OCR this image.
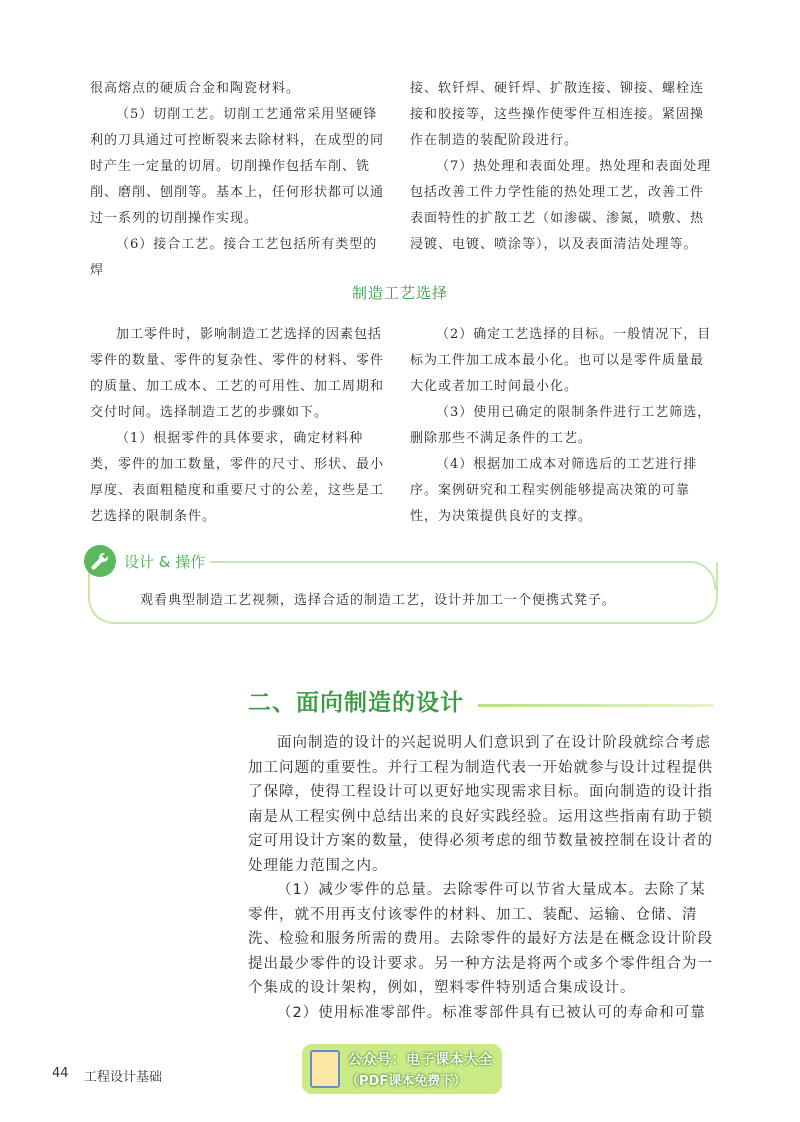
很高熔点的硬质合金和陶瓷材料。

（5）切削工艺。切削工艺通常采用坚硬锋利的刀具通过可控断裂来去除材料，在成型的同时产生一定量的切屑。切削操作包括车削、铣削、磨削、刨削等。基本上，任何形状都可以通过一系列的切削操作实现。

（6）接合工艺。接合工艺包括所有类型的焊

接、软钎焊、硬钎焊、扩散连接、铆接、螺栓连接和胶接等，这些操作使零件互相连接。紧固操作在制造的装配阶段进行。

（7）热处理和表面处理。热处理和表面处理包括改善工件力学性能的热处理工艺，改善工件表面特性的扩散工艺（如渗碳、渗氮，喷敷、热浸镀、电镀、喷涂等），以及表面清洁处理等。

制造工艺选择

加工零件时，影响制造工艺选择的因素包括零件的数量、零件的复杂性、零件的材料、零件的质量、加工成本、工艺的可用性、加工周期和交付时间。选择制造工艺的步骤如下。

（1）根据零件的具体要求，确定材料种类，零件的加工数量，零件的尺寸、形状、最小厚度、表面粗糙度和重要尺寸的公差，这些是工艺选择的限制条件。

（2）确定工艺选择的目标。一般情况下，目标为工件加工成本最小化。也可以是零件质量最大化或者加工时间最小化。

（3）使用已确定的限制条件进行工艺筛选，删除那些不满足条件的工艺。

（4）根据加工成本对筛选后的工艺进行排序。案例研究和工程实例能够提高决策的可靠性，为决策提供良好的支撑。

设计 & 操作
观看典型制造工艺视频，选择合适的制造工艺，设计并加工一个便携式凳子。
二、面向制造的设计

面向制造的设计的兴起说明人们意识到了在设计阶段就综合考虑加工问题的重要性。并行工程为制造代表一开始就参与设计过程提供了保障，使得工程设计可以更好地实现需求目标。面向制造的设计指南是从工程实例中总结出来的良好实践经验。运用这些指南有助于锁定可用设计方案的数量，使得必须考虑的细节数量被控制在设计者的处理能力范围之内。

（1）减少零件的总量。去除零件可以节省大量成本。去除了某零件，就不用再支付该零件的材料、加工、装配、运输、仓储、清洗、检验和服务所需的费用。去除零件的最好方法是在概念设计阶段提出最少零件的设计要求。另一种方法是将两个或多个零件组合为一个集成的设计架构，例如，塑料零件特别适合集成设计。

（2）使用标准零部件。标准零部件具有已被认可的寿命和可靠

44 工程设计基础
公众号：电子课本大全
（PDF课本免费下）
